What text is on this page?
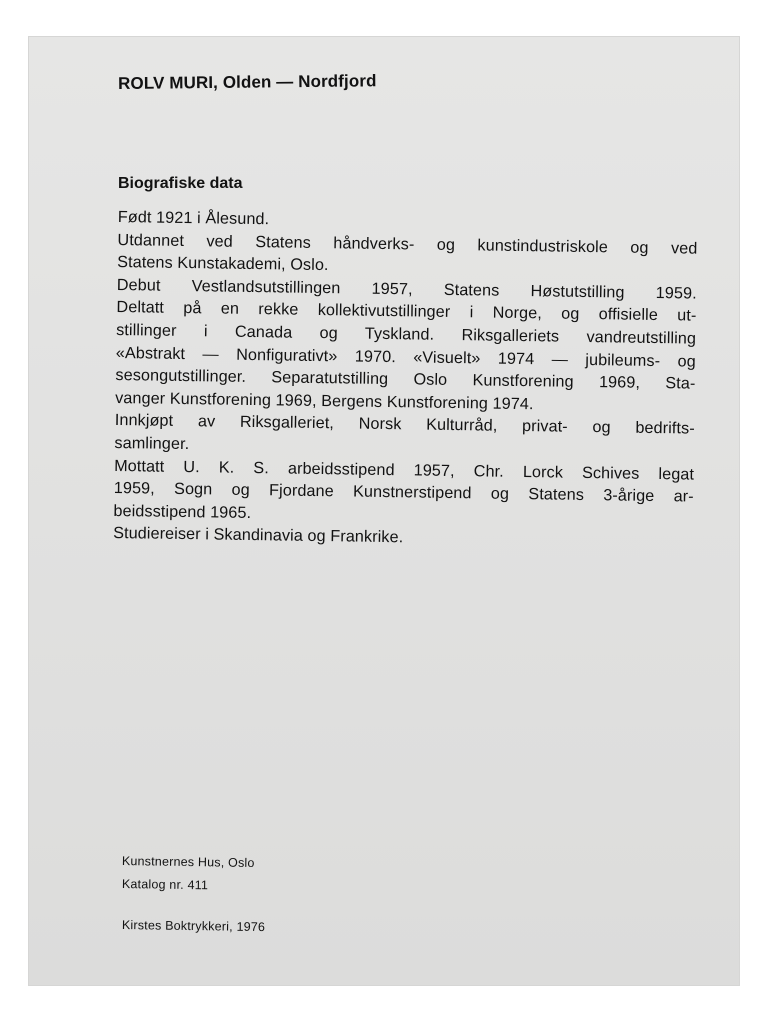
ROLV MURI, Olden — Nordfjord
Biografiske data
Født 1921 i Ålesund.
Utdannet ved Statens håndverks- og kunstindustriskole og ved
Statens Kunstakademi, Oslo.
Debut Vestlandsutstillingen 1957, Statens Høstutstilling 1959.
Deltatt på en rekke kollektivutstillinger i Norge, og offisielle ut-
stillinger i Canada og Tyskland. Riksgalleriets vandreutstilling
«Abstrakt — Nonfigurativt» 1970. «Visuelt» 1974 — jubileums- og
sesongutstillinger. Separatutstilling Oslo Kunstforening 1969, Sta-
vanger Kunstforening 1969, Bergens Kunstforening 1974.
Innkjøpt av Riksgalleriet, Norsk Kulturråd, privat- og bedrifts-
samlinger.
Mottatt U. K. S. arbeidsstipend 1957, Chr. Lorck Schives legat
1959, Sogn og Fjordane Kunstnerstipend og Statens 3-årige ar-
beidsstipend 1965.
Studiereiser i Skandinavia og Frankrike.
Kunstnernes Hus, Oslo
Katalog nr. 411
Kirstes Boktrykkeri, 1976
